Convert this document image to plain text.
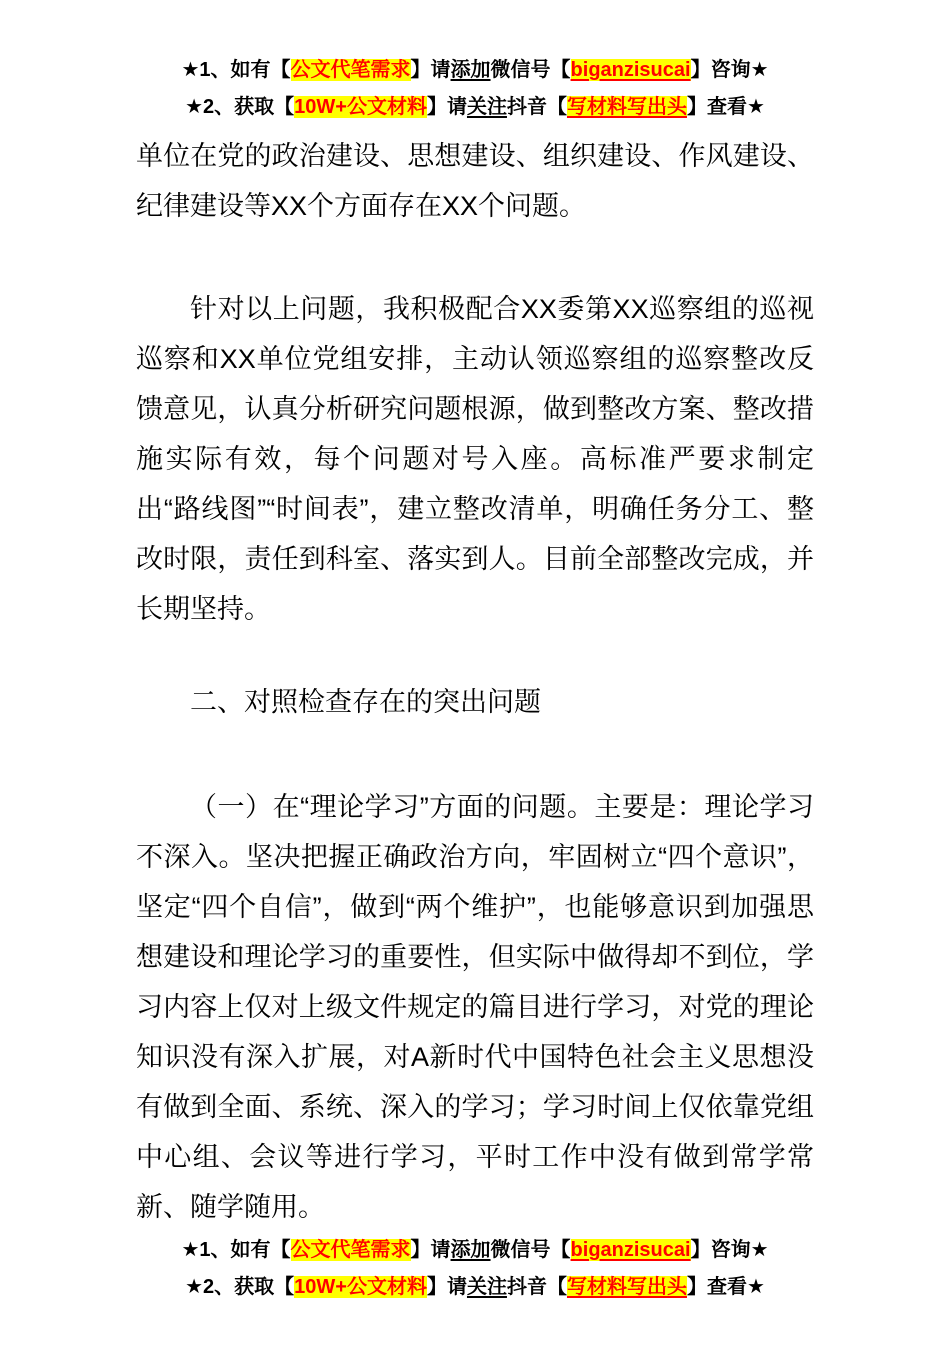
★1、如有【公文代笔需求】请添加微信号【biganzisucai】咨询★

★2、获取【10W+公文材料】请关注抖音【写材料写出头】查看★

单位在党的政治建设、思想建设、组织建设、作风建设、纪律建设等XX个方面存在XX个问题。

针对以上问题，我积极配合XX委第XX巡察组的巡视巡察和XX单位党组安排，主动认领巡察组的巡察整改反馈意见，认真分析研究问题根源，做到整改方案、整改措施实际有效，每个问题对号入座。高标准严要求制定出“路线图”“时间表”，建立整改清单，明确任务分工、整改时限，责任到科室、落实到人。目前全部整改完成，并长期坚持。

二、对照检查存在的突出问题

（一）在“理论学习”方面的问题。主要是：理论学习不深入。坚决把握正确政治方向，牢固树立“四个意识”，坚定“四个自信”，做到“两个维护”，也能够意识到加强思想建设和理论学习的重要性，但实际中做得却不到位，学习内容上仅对上级文件规定的篇目进行学习，对党的理论知识没有深入扩展，对A新时代中国特色社会主义思想没有做到全面、系统、深入的学习；学习时间上仅依靠党组中心组、会议等进行学习，平时工作中没有做到常学常新、随学随用。

★1、如有【公文代笔需求】请添加微信号【biganzisucai】咨询★

★2、获取【10W+公文材料】请关注抖音【写材料写出头】查看★
